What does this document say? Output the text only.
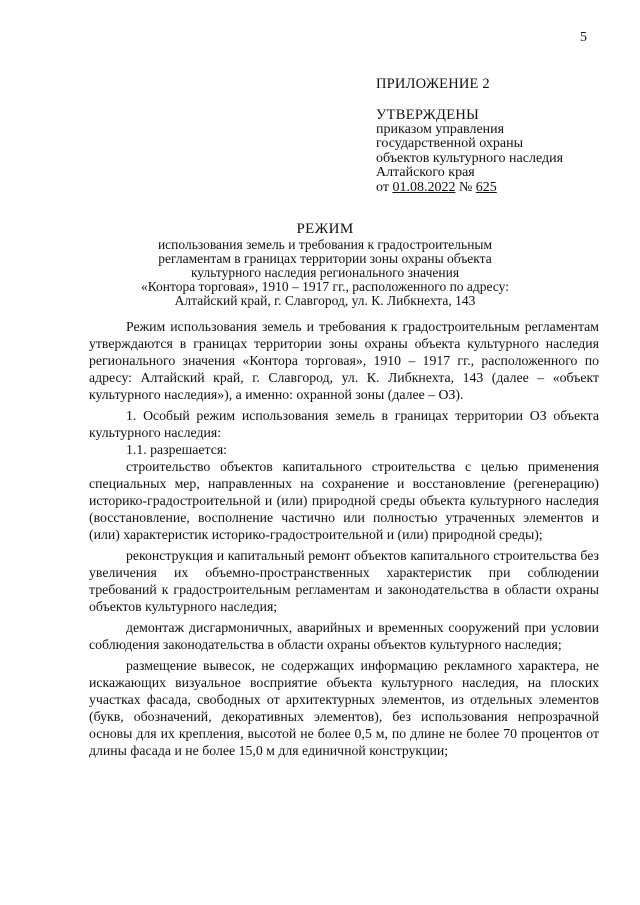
5
ПРИЛОЖЕНИЕ 2
УТВЕРЖДЕНЫ
приказом управления
государственной охраны
объектов культурного наследия
Алтайского края
от 01.08.2022 № 625
РЕЖИМ
использования земель и требования к градостроительным
регламентам в границах территории зоны охраны объекта
культурного наследия регионального значения
«Контора торговая», 1910 – 1917 гг., расположенного по адресу:
Алтайский край, г. Славгород, ул. К. Либкнехта, 143

Режим использования земель и требования к градостроительным регламентам утверждаются в границах территории зоны охраны объекта культурного наследия регионального значения «Контора торговая», 1910 – 1917 гг., расположенного по адресу: Алтайский край, г. Славгород, ул. К. Либкнехта, 143 (далее – «объект культурного наследия»), а именно: охранной зоны (далее – ОЗ).

1. Особый режим использования земель в границах территории ОЗ объекта культурного наследия:

1.1. разрешается:

строительство объектов капитального строительства с целью применения специальных мер, направленных на сохранение и восстановление (регенерацию) историко-градостроительной и (или) природной среды объекта культурного наследия (восстановление, восполнение частично или полностью утраченных элементов и (или) характеристик историко-градостроительной и (или) природной среды);

реконструкция и капитальный ремонт объектов капитального строительства без увеличения их объемно-пространственных характеристик при соблюдении требований к градостроительным регламентам и законодательства в области охраны объектов культурного наследия;

демонтаж дисгармоничных, аварийных и временных сооружений при условии соблюдения законодательства в области охраны объектов культурного наследия;

размещение вывесок, не содержащих информацию рекламного характера, не искажающих визуальное восприятие объекта культурного наследия, на плоских участках фасада, свободных от архитектурных элементов, из отдельных элементов (букв, обозначений, декоративных элементов), без использования непрозрачной основы для их крепления, высотой не более 0,5 м, по длине не более 70 процентов от длины фасада и не более 15,0 м для единичной конструкции;
